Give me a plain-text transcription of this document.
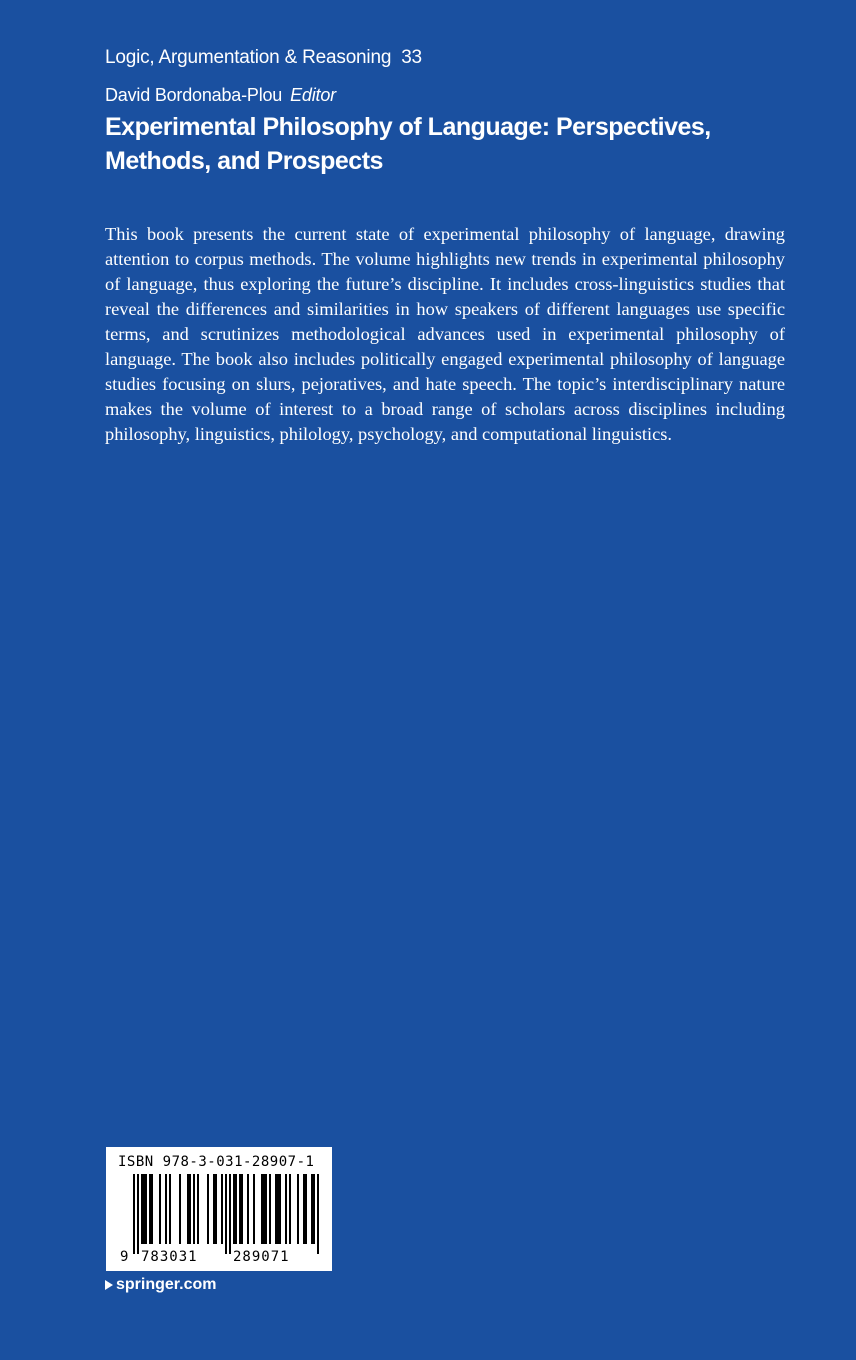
Logic, Argumentation & Reasoning 33
David Bordonaba-Plou Editor
Experimental Philosophy of Language: Perspectives, Methods, and Prospects

This book presents the current state of experimental philosophy of language, drawing attention to corpus methods. The volume highlights new trends in experimental philosophy of language, thus exploring the future’s discipline. It includes cross-linguistics studies that reveal the differences and similarities in how speakers of different languages use specific terms, and scrutinizes methodological advances used in experimental philosophy of language. The book also includes politically engaged experimental philosophy of language studies focusing on slurs, pejoratives, and hate speech. The topic’s interdisciplinary nature makes the volume of interest to a broad range of scholars across disciplines including philosophy, linguistics, philology, psychology, and computational linguistics.

ISBN 978-3-031-28907-1
9 783031	289071
springer.com
